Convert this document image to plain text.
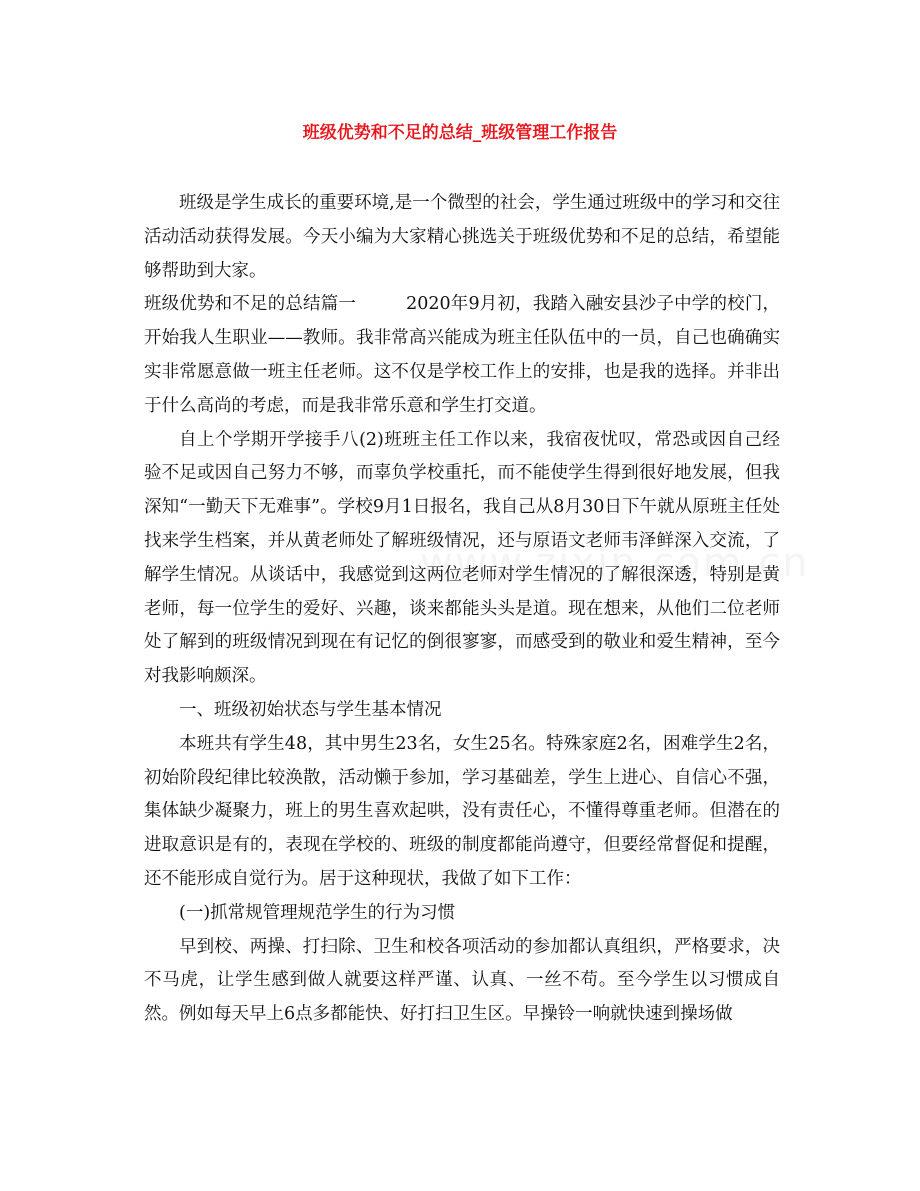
班级优势和不足的总结_班级管理工作报告

班级是学生成长的重要环境,是一个微型的社会，学生通过班级中的学习和交往活动活动获得发展。今天小编为大家精心挑选关于班级优势和不足的总结，希望能够帮助到大家。

班级优势和不足的总结篇一	2020年9月初，我踏入融安县沙子中学的校门，开始我人生职业——教师。我非常高兴能成为班主任队伍中的一员，自己也确确实实非常愿意做一班主任老师。这不仅是学校工作上的安排，也是我的选择。并非出于什么高尚的考虑，而是我非常乐意和学生打交道。

自上个学期开学接手八(2)班班主任工作以来，我宿夜忧叹，常恐或因自己经验不足或因自己努力不够，而辜负学校重托，而不能使学生得到很好地发展，但我深知“一勤天下无难事”。学校9月1日报名，我自己从8月30日下午就从原班主任处找来学生档案，并从黄老师处了解班级情况，还与原语文老师韦泽鲜深入交流，了解学生情况。从谈话中，我感觉到这两位老师对学生情况的了解很深透，特别是黄老师，每一位学生的爱好、兴趣，谈来都能头头是道。现在想来，从他们二位老师处了解到的班级情况到现在有记忆的倒很寥寥，而感受到的敬业和爱生精神，至今对我影响颇深。

一、班级初始状态与学生基本情况

本班共有学生48，其中男生23名，女生25名。特殊家庭2名，困难学生2名，初始阶段纪律比较涣散，活动懒于参加，学习基础差，学生上进心、自信心不强，集体缺少凝聚力，班上的男生喜欢起哄，没有责任心，不懂得尊重老师。但潜在的进取意识是有的，表现在学校的、班级的制度都能尚遵守，但要经常督促和提醒，还不能形成自觉行为。居于这种现状，我做了如下工作：

(一)抓常规管理规范学生的行为习惯

早到校、两操、打扫除、卫生和校各项活动的参加都认真组织，严格要求，决不马虎，让学生感到做人就要这样严谨、认真、一丝不苟。至今学生以习惯成自然。例如每天早上6点多都能快、好打扫卫生区。早操铃一响就快速到操场做
